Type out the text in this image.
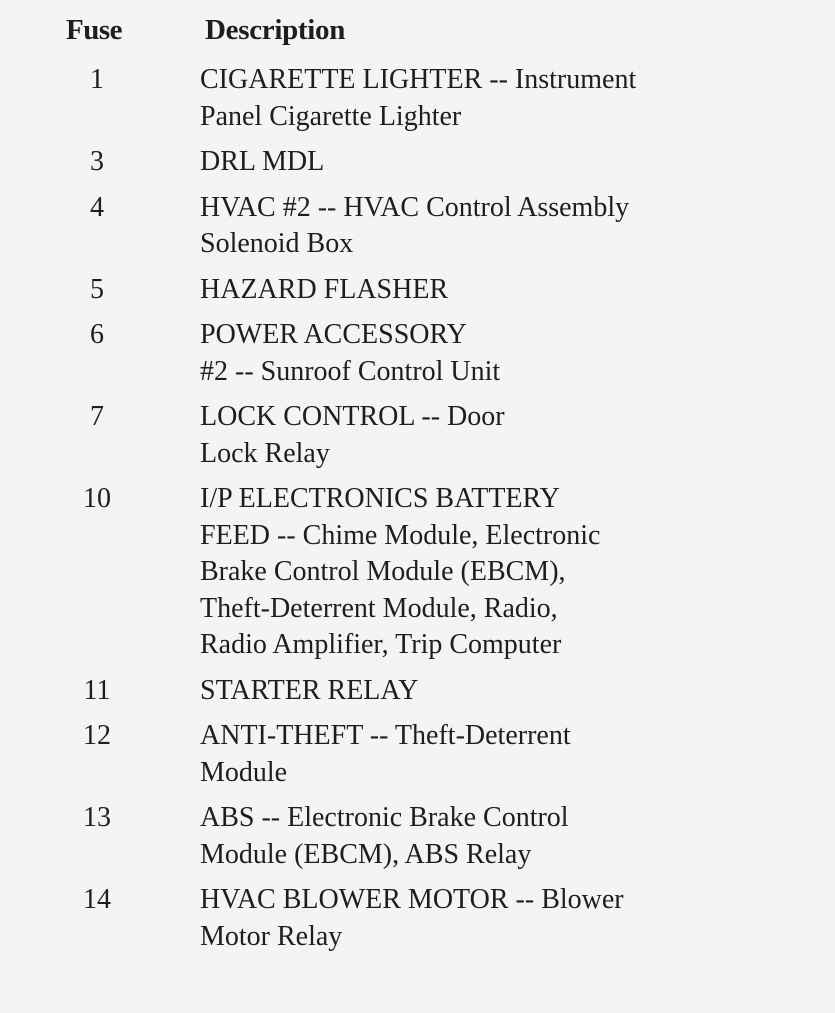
Fuse	Description
1	CIGARETTE LIGHTER -- Instrument
Panel Cigarette Lighter
3	DRL MDL
4	HVAC #2 -- HVAC Control Assembly
Solenoid Box
5	HAZARD FLASHER
6	POWER ACCESSORY
#2 -- Sunroof Control Unit
7	LOCK CONTROL -- Door
Lock Relay
10	I/P ELECTRONICS BATTERY
FEED -- Chime Module, Electronic
Brake Control Module (EBCM),
Theft-Deterrent Module, Radio,
Radio Amplifier, Trip Computer
11	STARTER RELAY
12	ANTI-THEFT -- Theft-Deterrent
Module
13	ABS -- Electronic Brake Control
Module (EBCM), ABS Relay
14	HVAC BLOWER MOTOR -- Blower
Motor Relay
